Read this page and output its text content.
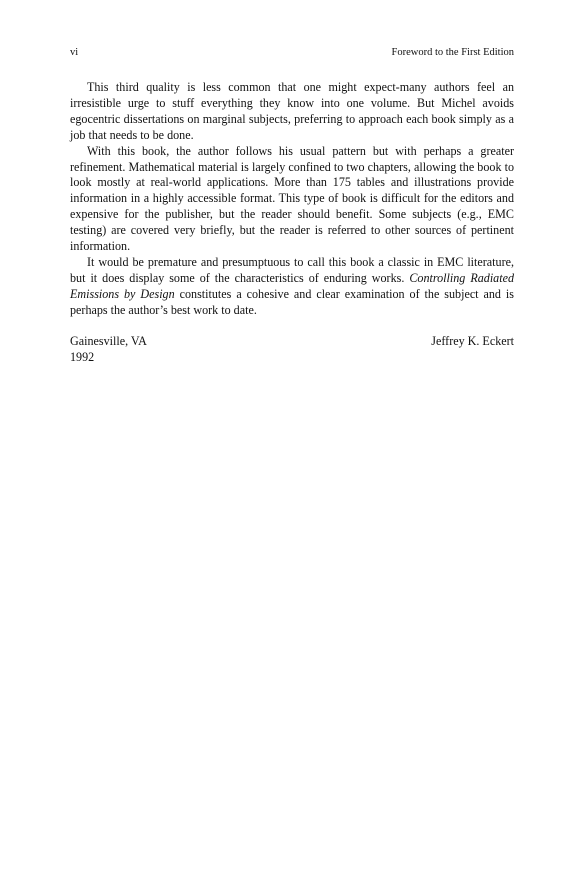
vi	Foreword to the First Edition

This third quality is less common that one might expect-many authors feel an irresistible urge to stuff everything they know into one volume. But Michel avoids egocentric dissertations on marginal subjects, preferring to approach each book simply as a job that needs to be done.

With this book, the author follows his usual pattern but with perhaps a greater refinement. Mathematical material is largely confined to two chapters, allowing the book to look mostly at real-world applications. More than 175 tables and illustrations provide information in a highly accessible format. This type of book is difficult for the editors and expensive for the publisher, but the reader should benefit. Some subjects (e.g., EMC testing) are covered very briefly, but the reader is referred to other sources of pertinent information.

It would be premature and presumptuous to call this book a classic in EMC literature, but it does display some of the characteristics of enduring works. Controlling Radiated Emissions by Design constitutes a cohesive and clear examination of the subject and is perhaps the author’s best work to date.

Gainesville, VA	Jeffrey K. Eckert
1992
